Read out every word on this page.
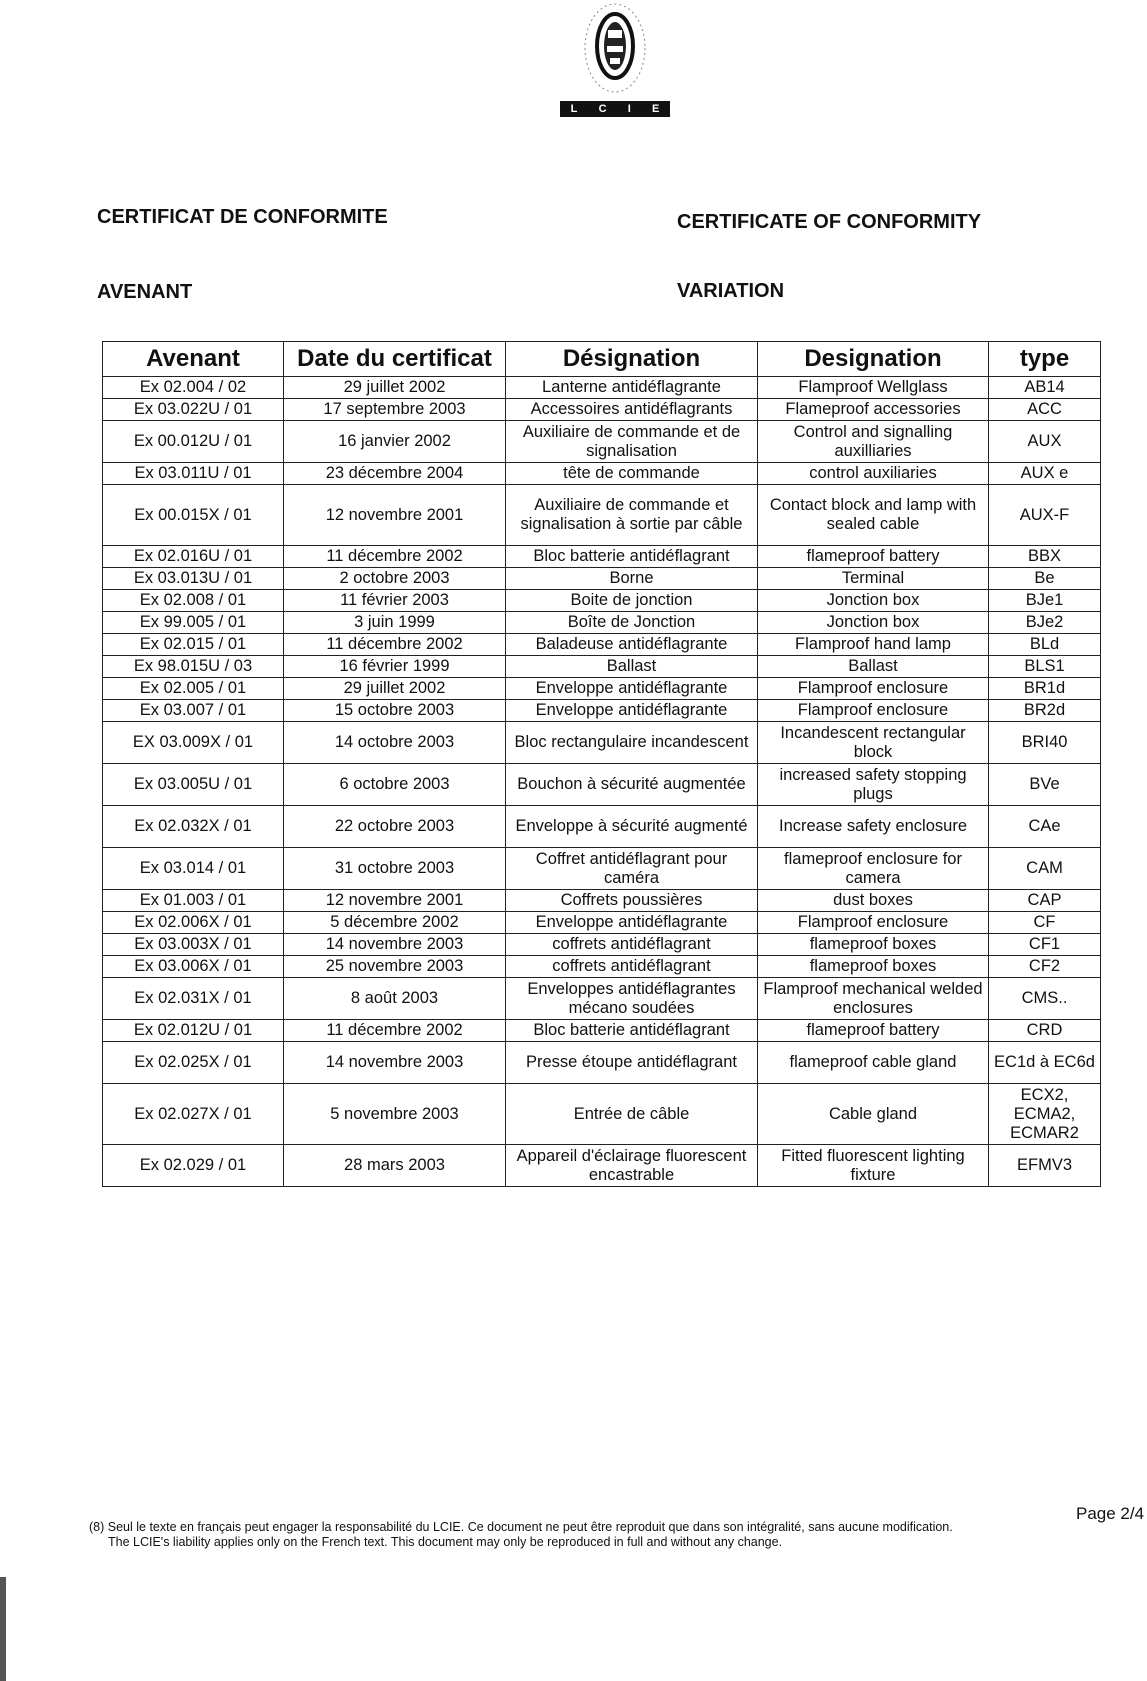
L C I E
CERTIFICAT DE CONFORMITE	CERTIFICATE OF CONFORMITY
AVENANT	VARIATION
Avenant	Date du certificat	Désignation	Designation	type
Ex 02.004 / 02	29 juillet 2002	Lanterne antidéflagrante	Flamproof Wellglass	AB14
Ex 03.022U / 01	17 septembre 2003	Accessoires antidéflagrants	Flameproof accessories	ACC
Ex 00.012U / 01	16 janvier 2002	Auxiliaire de commande et de signalisation	Control and signalling auxilliaries	AUX
Ex 03.011U / 01	23 décembre 2004	tête de commande	control auxiliaries	AUX e
Ex 00.015X / 01	12 novembre 2001	Auxiliaire de commande et signalisation à sortie par câble	Contact block and lamp with sealed cable	AUX-F
Ex 02.016U / 01	11 décembre 2002	Bloc batterie antidéflagrant	flameproof battery	BBX
Ex 03.013U / 01	2 octobre 2003	Borne	Terminal	Be
Ex 02.008 / 01	11 février 2003	Boite de jonction	Jonction box	BJe1
Ex 99.005 / 01	3 juin 1999	Boîte de Jonction	Jonction box	BJe2
Ex 02.015 / 01	11 décembre 2002	Baladeuse antidéflagrante	Flamproof hand lamp	BLd
Ex 98.015U / 03	16 février 1999	Ballast	Ballast	BLS1
Ex 02.005 / 01	29 juillet 2002	Enveloppe antidéflagrante	Flamproof enclosure	BR1d
Ex 03.007 / 01	15 octobre 2003	Enveloppe antidéflagrante	Flamproof enclosure	BR2d
EX 03.009X / 01	14 octobre 2003	Bloc rectangulaire incandescent	Incandescent rectangular block	BRI40
Ex 03.005U / 01	6 octobre 2003	Bouchon à sécurité augmentée	increased safety stopping plugs	BVe
Ex 02.032X / 01	22 octobre 2003	Enveloppe à sécurité augmenté	Increase safety enclosure	CAe
Ex 03.014 / 01	31 octobre 2003	Coffret antidéflagrant pour caméra	flameproof enclosure for camera	CAM
Ex 01.003 / 01	12 novembre 2001	Coffrets poussières	dust boxes	CAP
Ex 02.006X / 01	5 décembre 2002	Enveloppe antidéflagrante	Flamproof enclosure	CF
Ex 03.003X / 01	14 novembre 2003	coffrets antidéflagrant	flameproof boxes	CF1
Ex 03.006X / 01	25 novembre 2003	coffrets antidéflagrant	flameproof boxes	CF2
Ex 02.031X / 01	8 août 2003	Enveloppes antidéflagrantes mécano soudées	Flamproof mechanical welded enclosures	CMS..
Ex 02.012U / 01	11 décembre 2002	Bloc batterie antidéflagrant	flameproof battery	CRD
Ex 02.025X / 01	14 novembre 2003	Presse étoupe antidéflagrant	flameproof cable gland	EC1d à EC6d
Ex 02.027X / 01	5 novembre 2003	Entrée de câble	Cable gland	ECX2, ECMA2, ECMAR2
Ex 02.029 / 01	28 mars 2003	Appareil d'éclairage fluorescent encastrable	Fitted fluorescent lighting fixture	EFMV3
Page 2/4
(8) Seul le texte en français peut engager la responsabilité du LCIE. Ce document ne peut être reproduit que dans son intégralité, sans aucune modification.
The LCIE's liability applies only on the French text. This document may only be reproduced in full and without any change.
